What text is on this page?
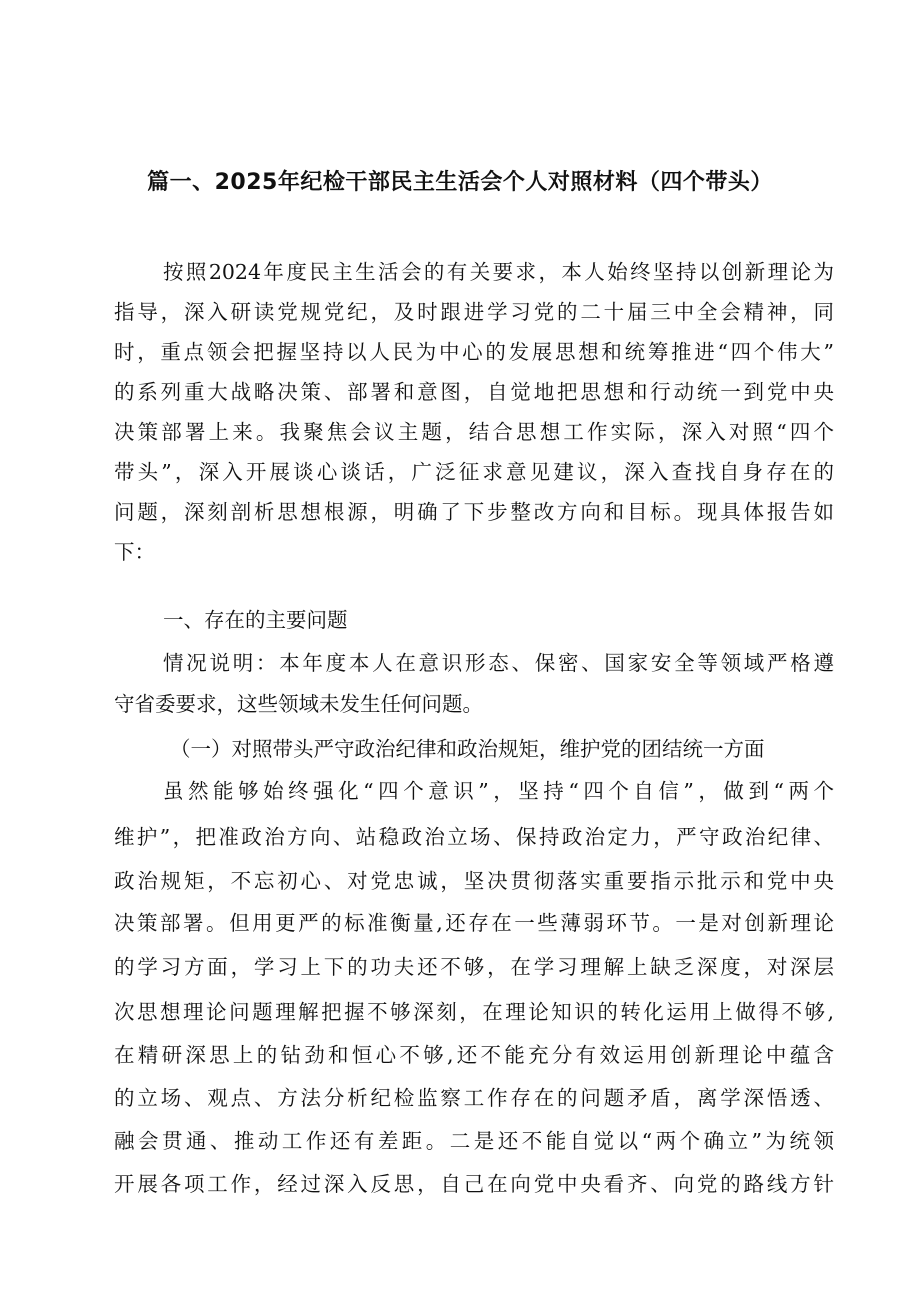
篇一、2025年纪检干部民主生活会个人对照材料（四个带头）
按照2024年度民主生活会的有关要求，本人始终坚持以创新理论为
指导，深入研读党规党纪，及时跟进学习党的二十届三中全会精神，同
时，重点领会把握坚持以人民为中心的发展思想和统筹推进“四个伟大”
的系列重大战略决策、部署和意图，自觉地把思想和行动统一到党中央
决策部署上来。我聚焦会议主题，结合思想工作实际，深入对照“四个
带头”，深入开展谈心谈话，广泛征求意见建议，深入查找自身存在的
问题，深刻剖析思想根源，明确了下步整改方向和目标。现具体报告如
下：
一、存在的主要问题
情况说明：本年度本人在意识形态、保密、国家安全等领域严格遵
守省委要求，这些领域未发生任何问题。
（一）对照带头严守政治纪律和政治规矩，维护党的团结统一方面
虽然能够始终强化“四个意识”，坚持“四个自信”，做到“两个
维护”，把准政治方向、站稳政治立场、保持政治定力，严守政治纪律、
政治规矩，不忘初心、对党忠诚，坚决贯彻落实重要指示批示和党中央
决策部署。但用更严的标准衡量,还存在一些薄弱环节。一是对创新理论
的学习方面，学习上下的功夫还不够，在学习理解上缺乏深度，对深层
次思想理论问题理解把握不够深刻，在理论知识的转化运用上做得不够,
在精研深思上的钻劲和恒心不够,还不能充分有效运用创新理论中蕴含
的立场、观点、方法分析纪检监察工作存在的问题矛盾，离学深悟透、
融会贯通、推动工作还有差距。二是还不能自觉以“两个确立”为统领
开展各项工作，经过深入反思，自己在向党中央看齐、向党的路线方针
